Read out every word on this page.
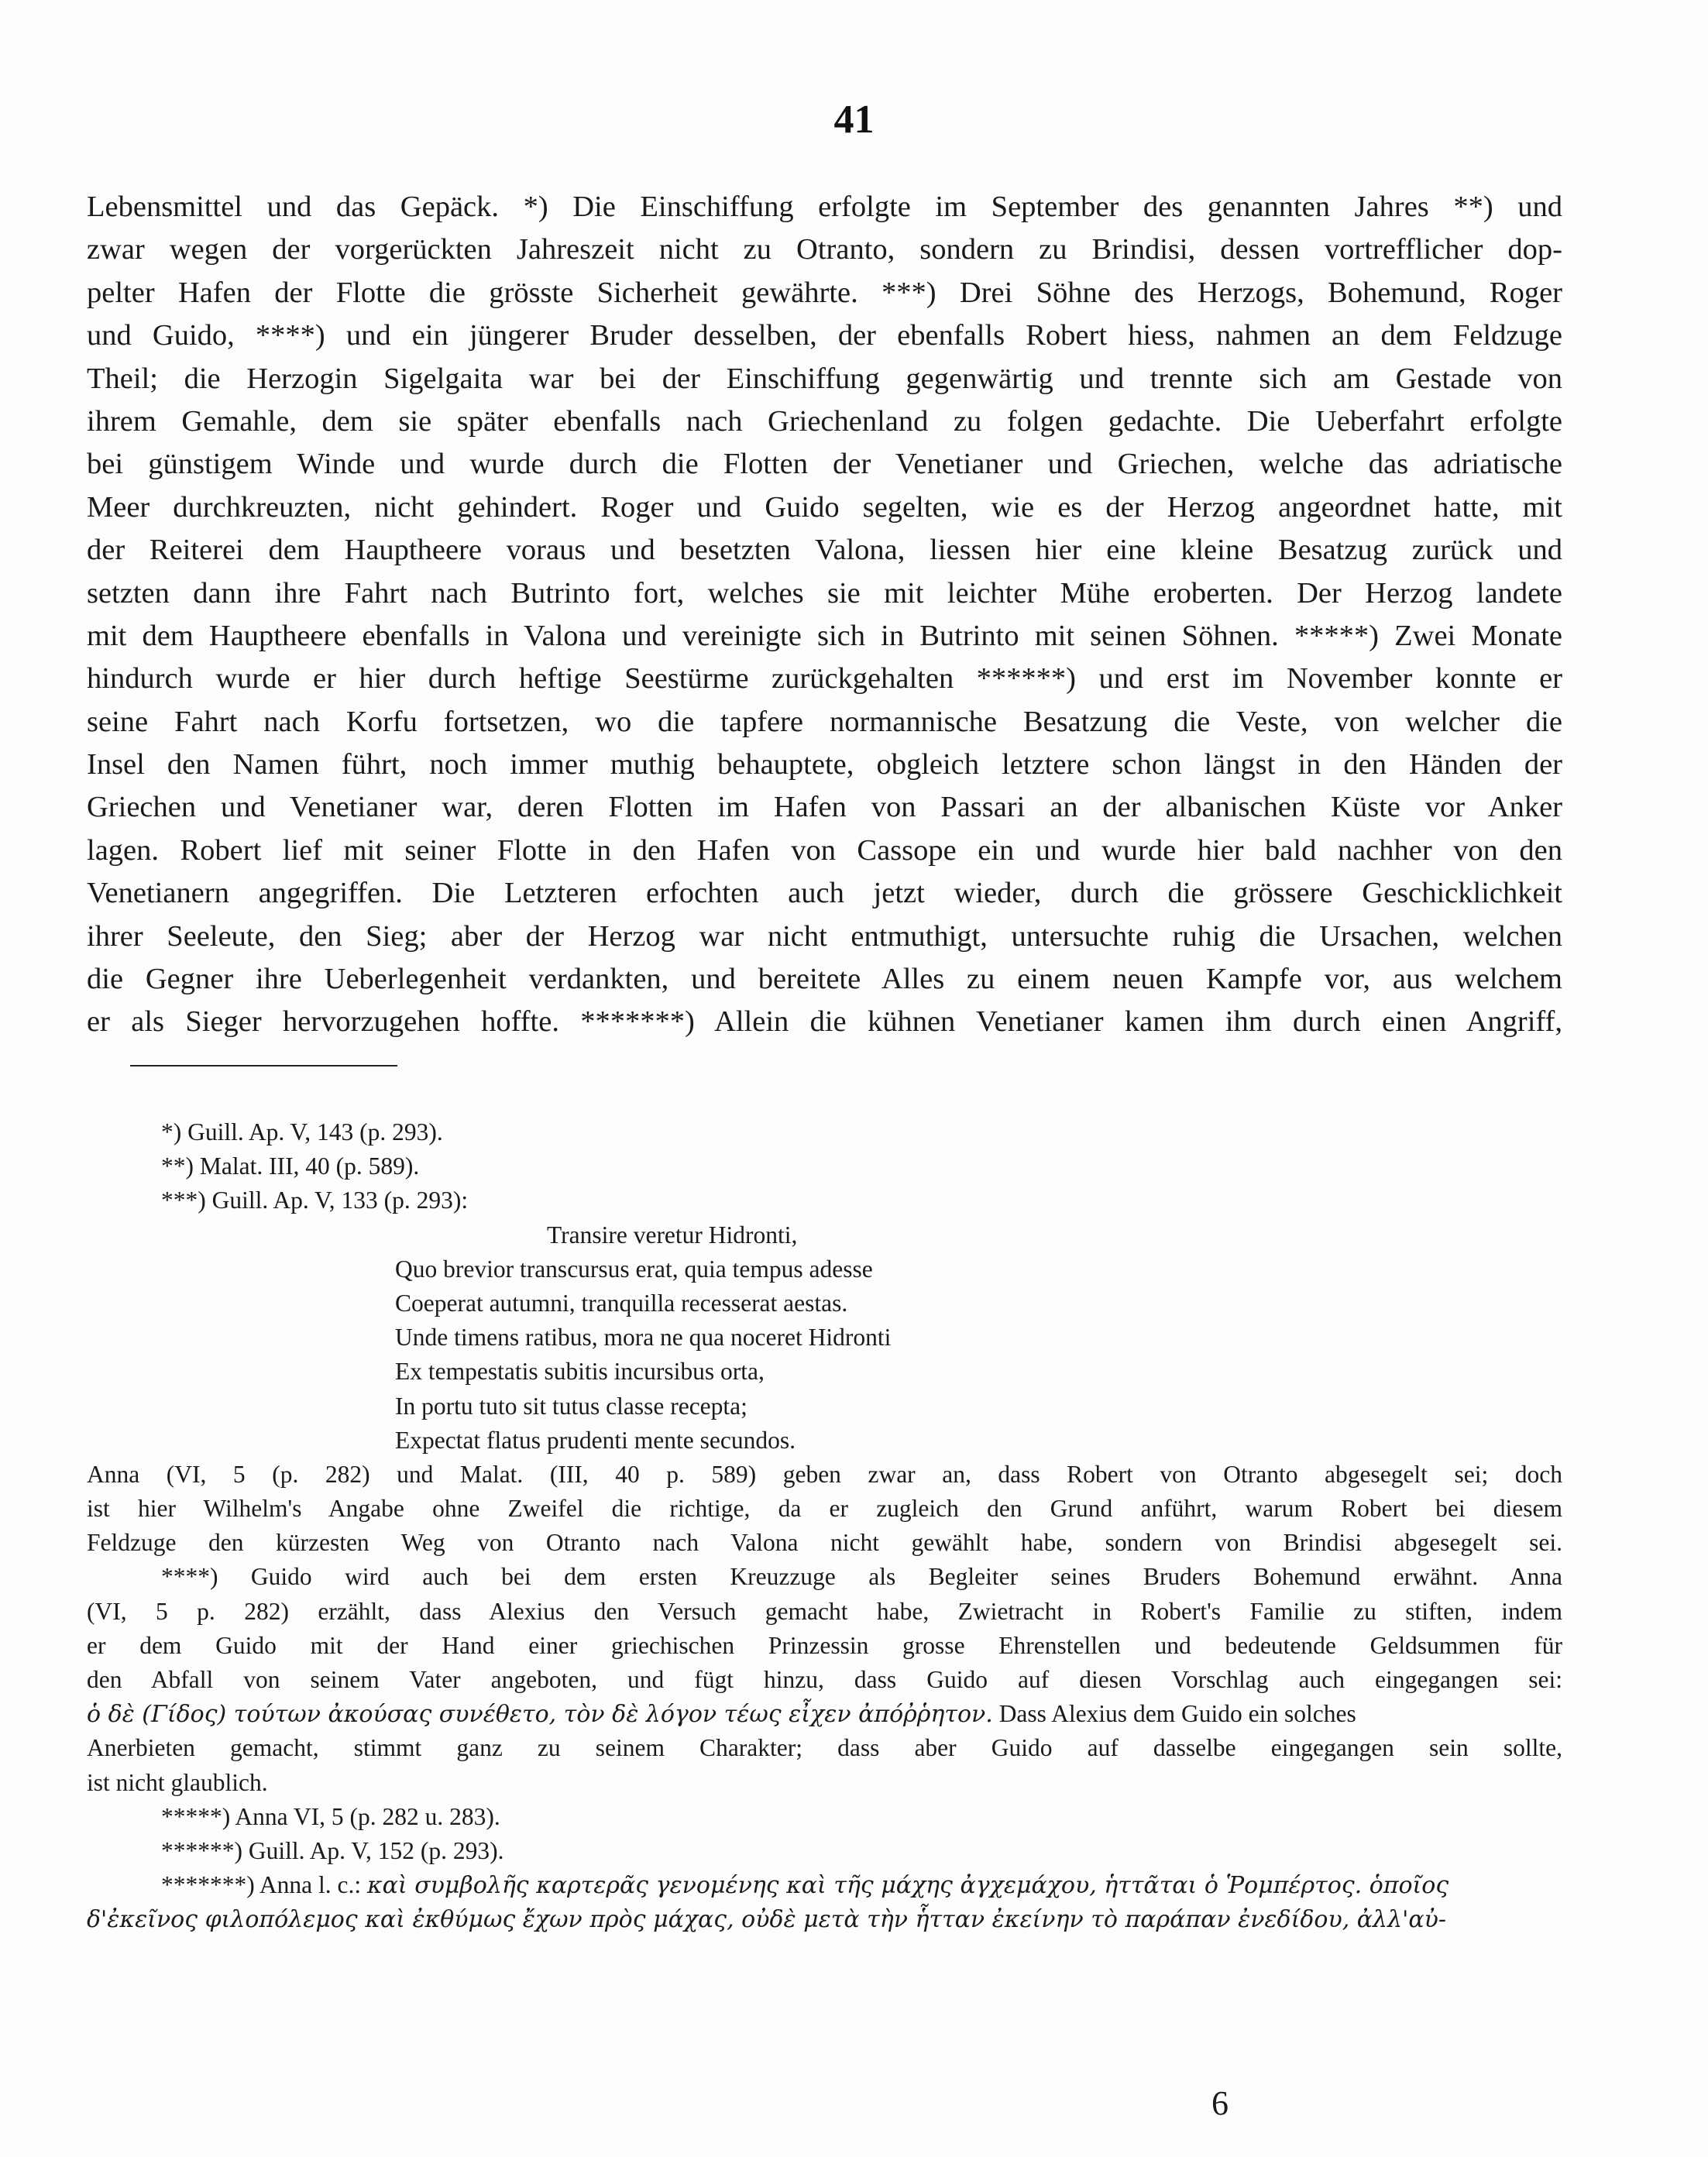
41
Lebensmittel und das Gepäck. *) Die Einschiffung erfolgte im September des genannten Jahres **) und
zwar wegen der vorgerückten Jahreszeit nicht zu Otranto, sondern zu Brindisi, dessen vortrefflicher dop-
pelter Hafen der Flotte die grösste Sicherheit gewährte. ***) Drei Söhne des Herzogs, Bohemund, Roger
und Guido, ****) und ein jüngerer Bruder desselben, der ebenfalls Robert hiess, nahmen an dem Feldzuge
Theil; die Herzogin Sigelgaita war bei der Einschiffung gegenwärtig und trennte sich am Gestade von
ihrem Gemahle, dem sie später ebenfalls nach Griechenland zu folgen gedachte. Die Ueberfahrt erfolgte
bei günstigem Winde und wurde durch die Flotten der Venetianer und Griechen, welche das adriatische
Meer durchkreuzten, nicht gehindert. Roger und Guido segelten, wie es der Herzog angeordnet hatte, mit
der Reiterei dem Hauptheere voraus und besetzten Valona, liessen hier eine kleine Besatzug zurück und
setzten dann ihre Fahrt nach Butrinto fort, welches sie mit leichter Mühe eroberten. Der Herzog landete
mit dem Hauptheere ebenfalls in Valona und vereinigte sich in Butrinto mit seinen Söhnen. *****) Zwei Monate
hindurch wurde er hier durch heftige Seestürme zurückgehalten ******) und erst im November konnte er
seine Fahrt nach Korfu fortsetzen, wo die tapfere normannische Besatzung die Veste, von welcher die
Insel den Namen führt, noch immer muthig behauptete, obgleich letztere schon längst in den Händen der
Griechen und Venetianer war, deren Flotten im Hafen von Passari an der albanischen Küste vor Anker
lagen. Robert lief mit seiner Flotte in den Hafen von Cassope ein und wurde hier bald nachher von den
Venetianern angegriffen. Die Letzteren erfochten auch jetzt wieder, durch die grössere Geschicklichkeit
ihrer Seeleute, den Sieg; aber der Herzog war nicht entmuthigt, untersuchte ruhig die Ursachen, welchen
die Gegner ihre Ueberlegenheit verdankten, und bereitete Alles zu einem neuen Kampfe vor, aus welchem
er als Sieger hervorzugehen hoffte. *******) Allein die kühnen Venetianer kamen ihm durch einen Angriff,
*) Guill. Ap. V, 143 (p. 293).
**) Malat. III, 40 (p. 589).
***) Guill. Ap. V, 133 (p. 293):
Transire veretur Hidronti,
Quo brevior transcursus erat, quia tempus adesse
Coeperat autumni, tranquilla recesserat aestas.
Unde timens ratibus, mora ne qua noceret Hidronti
Ex tempestatis subitis incursibus orta,
In portu tuto sit tutus classe recepta;
Expectat flatus prudenti mente secundos.
Anna (VI, 5 (p. 282) und Malat. (III, 40 p. 589) geben zwar an, dass Robert von Otranto abgesegelt sei; doch
ist hier Wilhelm's Angabe ohne Zweifel die richtige, da er zugleich den Grund anführt, warum Robert bei diesem
Feldzuge den kürzesten Weg von Otranto nach Valona nicht gewählt habe, sondern von Brindisi abgesegelt sei.
****) Guido wird auch bei dem ersten Kreuzzuge als Begleiter seines Bruders Bohemund erwähnt. Anna
(VI, 5 p. 282) erzählt, dass Alexius den Versuch gemacht habe, Zwietracht in Robert's Familie zu stiften, indem
er dem Guido mit der Hand einer griechischen Prinzessin grosse Ehrenstellen und bedeutende Geldsummen für
den Abfall von seinem Vater angeboten, und fügt hinzu, dass Guido auf diesen Vorschlag auch eingegangen sei:
ὁ δὲ (Γίδος) τούτων ἀκούσας συνέθετο, τὸν δὲ λόγον τέως εἶχεν ἀπόῤῥητον. Dass Alexius dem Guido ein solches
Anerbieten gemacht, stimmt ganz zu seinem Charakter; dass aber Guido auf dasselbe eingegangen sein sollte,
ist nicht glaublich.
*****) Anna VI, 5 (p. 282 u. 283).
******) Guill. Ap. V, 152 (p. 293).
*******) Anna l. c.: καὶ συμβολῆς καρτερᾶς γενομένης καὶ τῆς μάχης ἀγχεμάχου, ἡττᾶται ὁ Ῥομπέρτος. ὁποῖος
δ'ἐκεῖνος φιλοπόλεμος καὶ ἐκθύμως ἔχων πρὸς μάχας, οὐδὲ μετὰ τὴν ἧτταν ἐκείνην τὸ παράπαν ἐνεδίδου, ἀλλ'αὐ-
6
